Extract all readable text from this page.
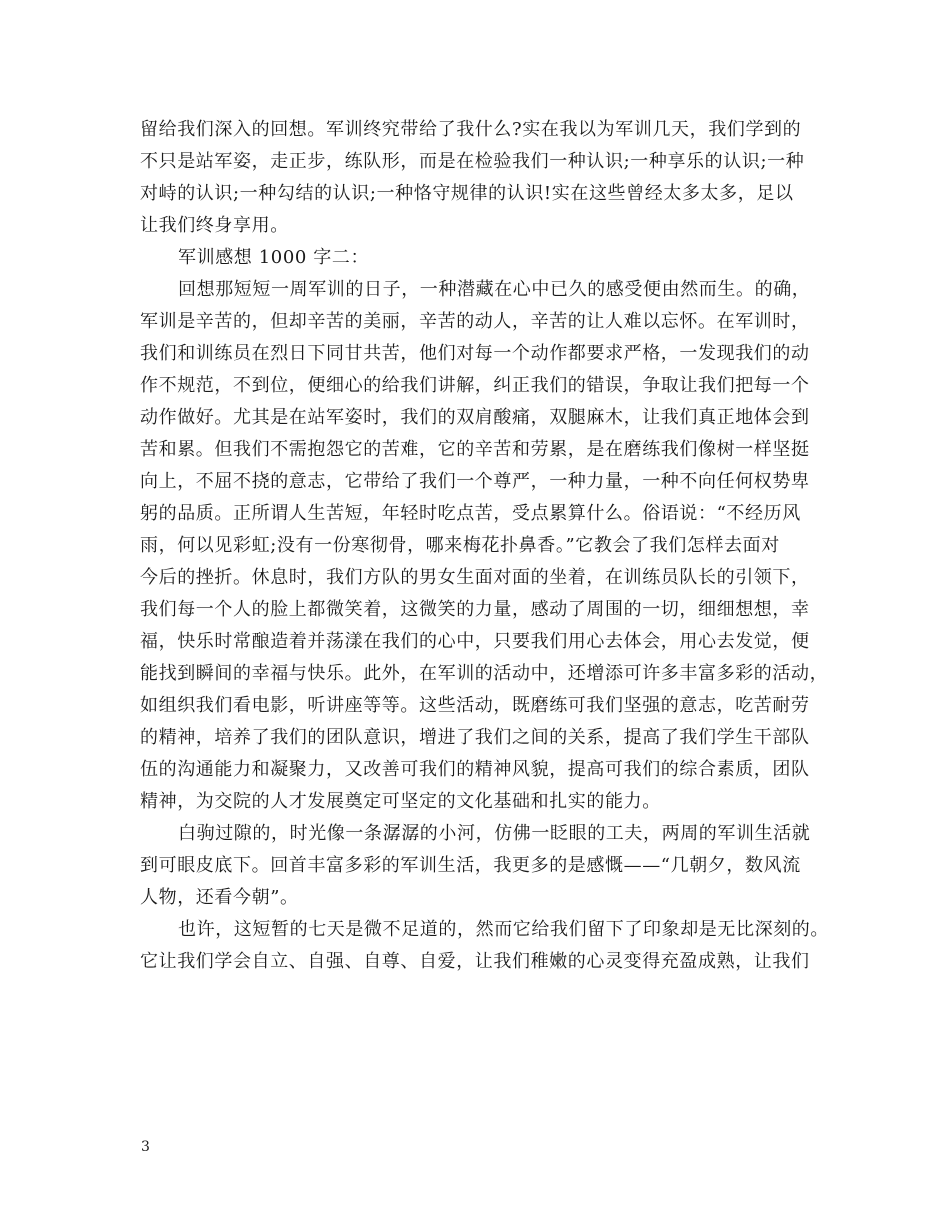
留给我们深入的回想。军训终究带给了我什么?实在我以为军训几天，我们学到的
不只是站军姿，走正步，练队形，而是在检验我们一种认识;一种享乐的认识;一种
对峙的认识;一种勾结的认识;一种恪守规律的认识!实在这些曾经太多太多，足以
让我们终身享用。
军训感想 1000 字二：
回想那短短一周军训的日子，一种潜藏在心中已久的感受便由然而生。的确，
军训是辛苦的，但却辛苦的美丽，辛苦的动人，辛苦的让人难以忘怀。在军训时，
我们和训练员在烈日下同甘共苦，他们对每一个动作都要求严格，一发现我们的动
作不规范，不到位，便细心的给我们讲解，纠正我们的错误，争取让我们把每一个
动作做好。尤其是在站军姿时，我们的双肩酸痛，双腿麻木，让我们真正地体会到
苦和累。但我们不需抱怨它的苦难，它的辛苦和劳累，是在磨练我们像树一样坚挺
向上，不屈不挠的意志，它带给了我们一个尊严，一种力量，一种不向任何权势卑
躬的品质。正所谓人生苦短，年轻时吃点苦，受点累算什么。俗语说：“不经历风
雨，何以见彩虹;没有一份寒彻骨，哪来梅花扑鼻香。”它教会了我们怎样去面对
今后的挫折。休息时，我们方队的男女生面对面的坐着，在训练员队长的引领下，
我们每一个人的脸上都微笑着，这微笑的力量，感动了周围的一切，细细想想，幸
福，快乐时常酿造着并荡漾在我们的心中，只要我们用心去体会，用心去发觉，便
能找到瞬间的幸福与快乐。此外，在军训的活动中，还增添可许多丰富多彩的活动，
如组织我们看电影，听讲座等等。这些活动，既磨练可我们坚强的意志，吃苦耐劳
的精神，培养了我们的团队意识，增进了我们之间的关系，提高了我们学生干部队
伍的沟通能力和凝聚力，又改善可我们的精神风貌，提高可我们的综合素质，团队
精神，为交院的人才发展奠定可坚定的文化基础和扎实的能力。
白驹过隙的，时光像一条潺潺的小河，仿佛一眨眼的工夫，两周的军训生活就
到可眼皮底下。回首丰富多彩的军训生活，我更多的是感慨——“几朝夕，数风流
人物，还看今朝”。
也许，这短暂的七天是微不足道的，然而它给我们留下了印象却是无比深刻的。
它让我们学会自立、自强、自尊、自爱，让我们稚嫩的心灵变得充盈成熟，让我们
3
